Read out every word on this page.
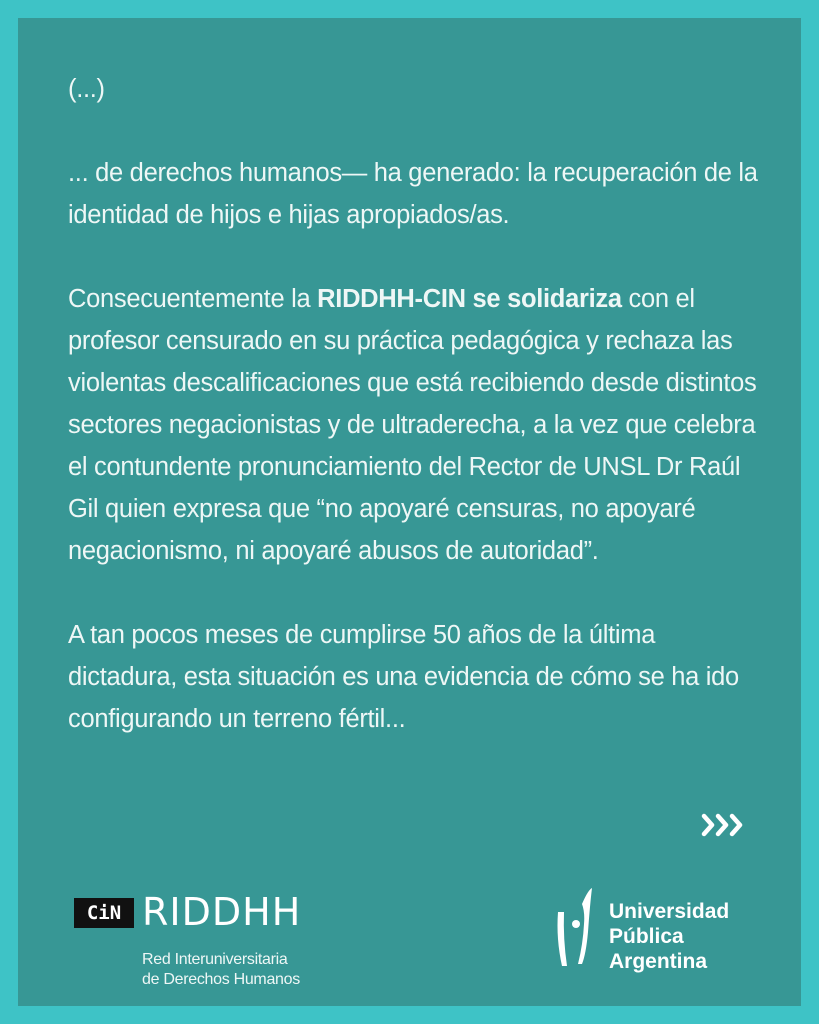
(...)

... de derechos humanos— ha generado: la recuperación de la identidad de hijos e hijas apropiados/as.

Consecuentemente la RIDDHH-CIN se solidariza con el profesor censurado en su práctica pedagógica y rechaza las violentas descalificaciones que está recibiendo desde distintos sectores negacionistas y de ultraderecha, a la vez que celebra el contundente pronunciamiento del Rector de UNSL Dr Raúl Gil quien expresa que “no apoyaré censuras, no apoyaré negacionismo, ni apoyaré abusos de autoridad”.

A tan pocos meses de cumplirse 50 años de la última dictadura, esta situación es una evidencia de cómo se ha ido configurando un terreno fértil...

CiN RIDDHH
Red Interuniversitaria
de Derechos Humanos
Universidad
Pública
Argentina
